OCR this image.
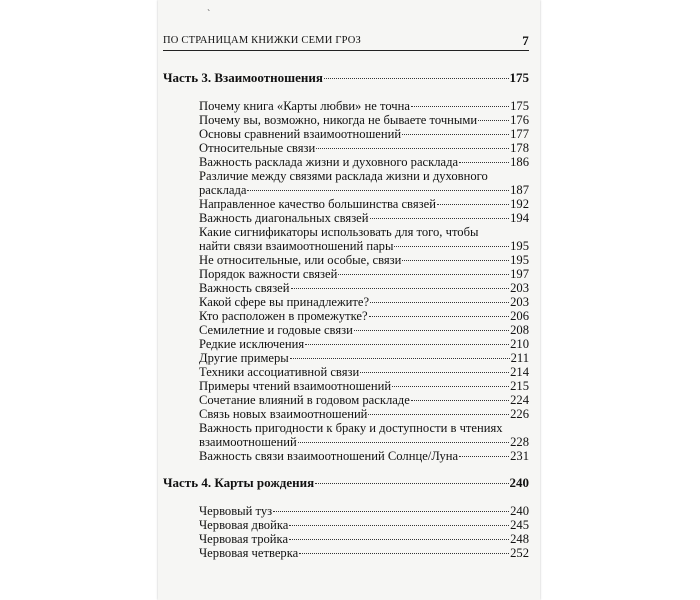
`
ПО СТРАНИЦАМ КНИЖКИ СЕМИ ГРОЗ	7
Часть 3. Взаимоотношения	175
Почему книга «Карты любви» не точна	175
Почему вы, возможно, никогда не бываете точными	176
Основы сравнений взаимоотношений	177
Относительные связи	178
Важность расклада жизни и духовного расклада	186
Различие между связями расклада жизни и духовного
расклада	187
Направленное качество большинства связей	192
Важность диагональных связей	194
Какие сигнификаторы использовать для того, чтобы
найти связи взаимоотношений пары	195
Не относительные, или особые, связи	195
Порядок важности связей	197
Важность связей	203
Какой сфере вы принадлежите?	203
Кто расположен в промежутке?	206
Семилетние и годовые связи	208
Редкие исключения	210
Другие примеры	211
Техники ассоциативной связи	214
Примеры чтений взаимоотношений	215
Сочетание влияний в годовом раскладе	224
Связь новых взаимоотношений	226
Важность пригодности к браку и доступности в чтениях
взаимоотношений	228
Важность связи взаимоотношений Солнце/Луна	231
Часть 4. Карты рождения	240
Червовый туз	240
Червовая двойка	245
Червовая тройка	248
Червовая четверка	252
